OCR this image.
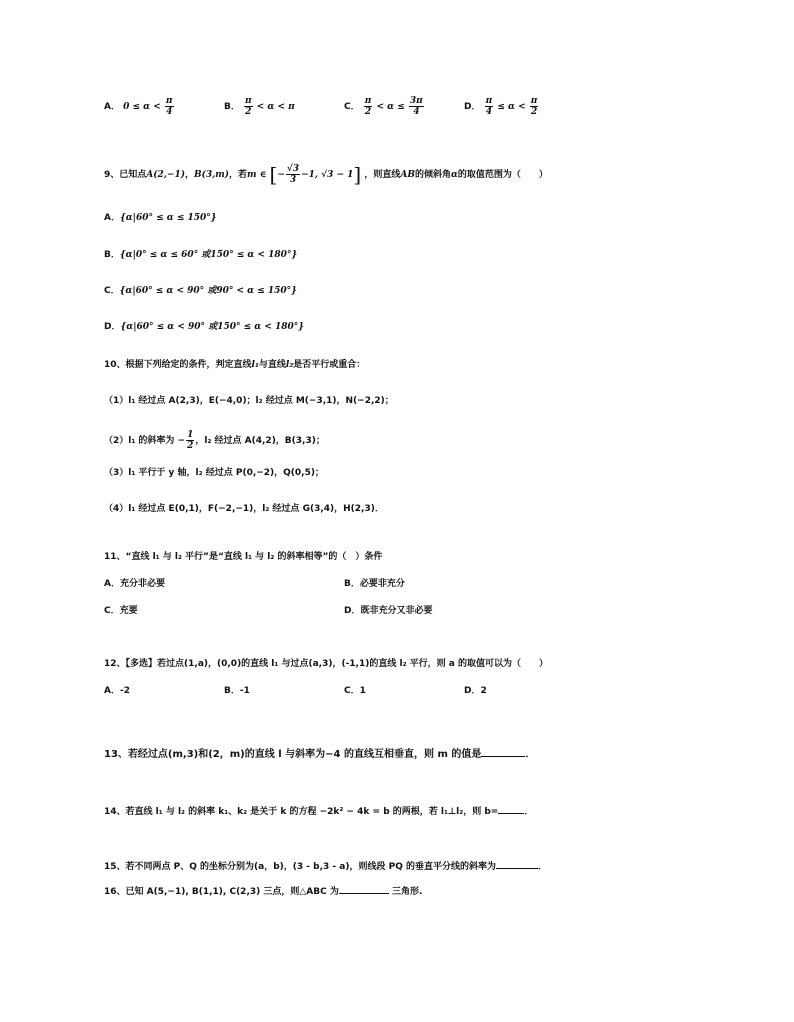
A． $0 \le \alpha < \frac{\pi}{4}$	B． $\frac{\pi}{2} < \alpha < \pi$	C． $\frac{\pi}{2} < \alpha \le \frac{3\pi}{4}$	D． $\frac{\pi}{4} \le \alpha < \frac{\pi}{2}$
9、已知点A(2,−1)，B(3,m)，若m ∈ [− $\frac{√3}{3} -1$, √3 − 1] ，则直线AB的倾斜角α的取值范围为（　　）
A．{α|60° ≤ α ≤ 150°}
B．{α|0° ≤ α ≤ 60° 或150° ≤ α < 180°}
C．{α|60° ≤ α < 90° 或90° < α ≤ 150°}
D．{α|60° ≤ α < 90° 或150° ≤ α < 180°}
10、根据下列给定的条件，判定直线l₁与直线l₂是否平行或重合：
（1）l₁ 经过点 A(2,3)，E(−4,0)；l₂ 经过点 M(−3,1)，N(−2,2)；
（2）l₁ 的斜率为 − $\frac{1}{2}$ ，l₂ 经过点 A(4,2)，B(3,3)；
（3）l₁ 平行于 y 轴，l₂ 经过点 P(0,−2)，Q(0,5)；
（4）l₁ 经过点 E(0,1)，F(−2,−1)，l₂ 经过点 G(3,4)，H(2,3)．
11、“直线 l₁ 与 l₂ 平行”是“直线 l₁ 与 l₂ 的斜率相等”的（　）条件
A．充分非必要	B．必要非充分
C．充要	D．既非充分又非必要
12、【多选】若过点(1,a)，(0,0)的直线 l₁ 与过点(a,3)，(-1,1)的直线 l₂ 平行，则 a 的取值可以为（　　）
A．-2	B．-1	C．1	D．2
13、若经过点(m,3)和(2，m)的直线 l 与斜率为−4 的直线互相垂直，则 m 的值是	．
14、若直线 l₁ 与 l₂ 的斜率 k₁、k₂ 是关于 k 的方程 −2k² − 4k = b 的两根，若 l₁⊥l₂，则 b=	．
15、若不同两点 P、Q 的坐标分别为(a，b)，(3 - b,3 - a)，则线段 PQ 的垂直平分线的斜率为	．
16、已知 A(5,−1), B(1,1), C(2,3) 三点，则△ABC 为	三角形.
